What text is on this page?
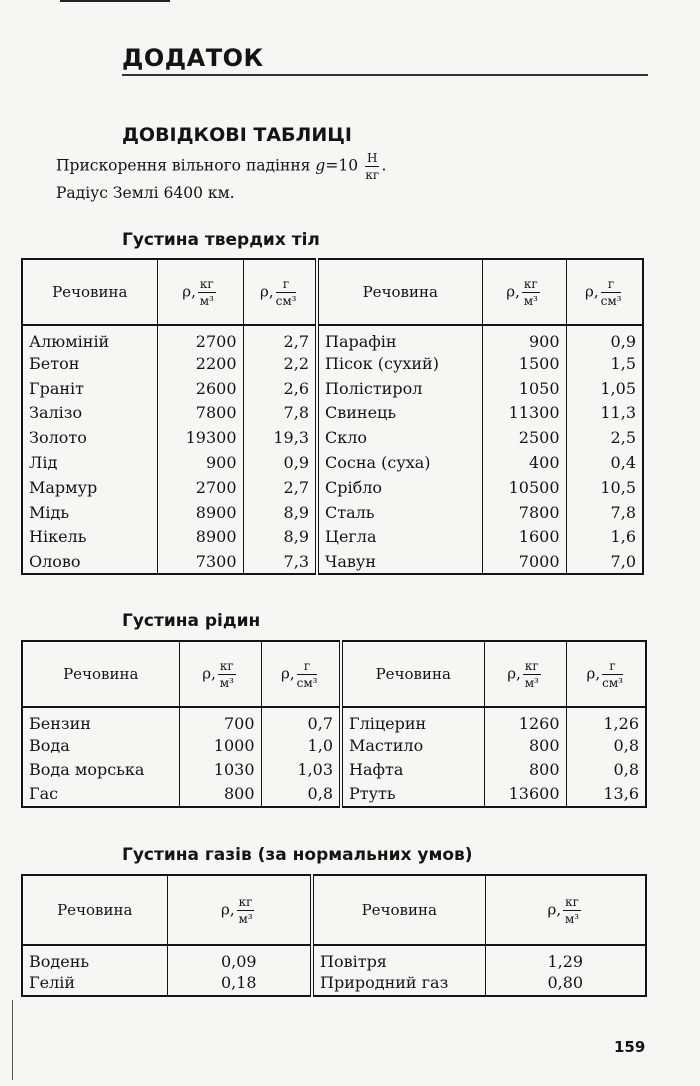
ДОДАТОК
ДОВІДКОВІ ТАБЛИЦІ
Прискорення вільного падіння $g=10 \frac{Н}{кг}$ .
Радіус Землі 6400 км.
Густина твердих тіл
Речовина	ρ, $\frac{кг}{\text{м³}}$	ρ, $\frac{г}{\text{см³}}$	Речовина	ρ, $\frac{кг}{\text{м³}}$	ρ, $\frac{г}{\text{см³}}$

Алюміній	2700	2,7	Парафін	900	0,9
Бетон	2200	2,2	Пісок (сухий)	1500	1,5
Граніт	2600	2,6	Полістирол	1050	1,05
Залізо	7800	7,8	Свинець	11300	11,3
Золото	19300	19,3	Скло	2500	2,5
Лід	900	0,9	Сосна (суха)	400	0,4
Мармур	2700	2,7	Срібло	10500	10,5
Мідь	8900	8,9	Сталь	7800	7,8
Нікель	8900	8,9	Цегла	1600	1,6
Олово	7300	7,3	Чавун	7000	7,0
Густина рідин
Речовина	ρ, $\frac{кг}{\text{м³}}$	ρ, $\frac{г}{\text{см³}}$	Речовина	ρ, $\frac{кг}{\text{м³}}$	ρ, $\frac{г}{\text{см³}}$

Бензин	700	0,7	Гліцерин	1260	1,26
Вода	1000	1,0	Мастило	800	0,8
Вода морська	1030	1,03	Нафта	800	0,8
Гас	800	0,8	Ртуть	13600	13,6
Густина газів (за нормальних умов)
Речовина	ρ, $\frac{кг}{\text{м³}}$	Речовина	ρ, $\frac{кг}{\text{м³}}$

Водень	0,09	Повітря	1,29
Гелій	0,18	Природний газ	0,80
159
